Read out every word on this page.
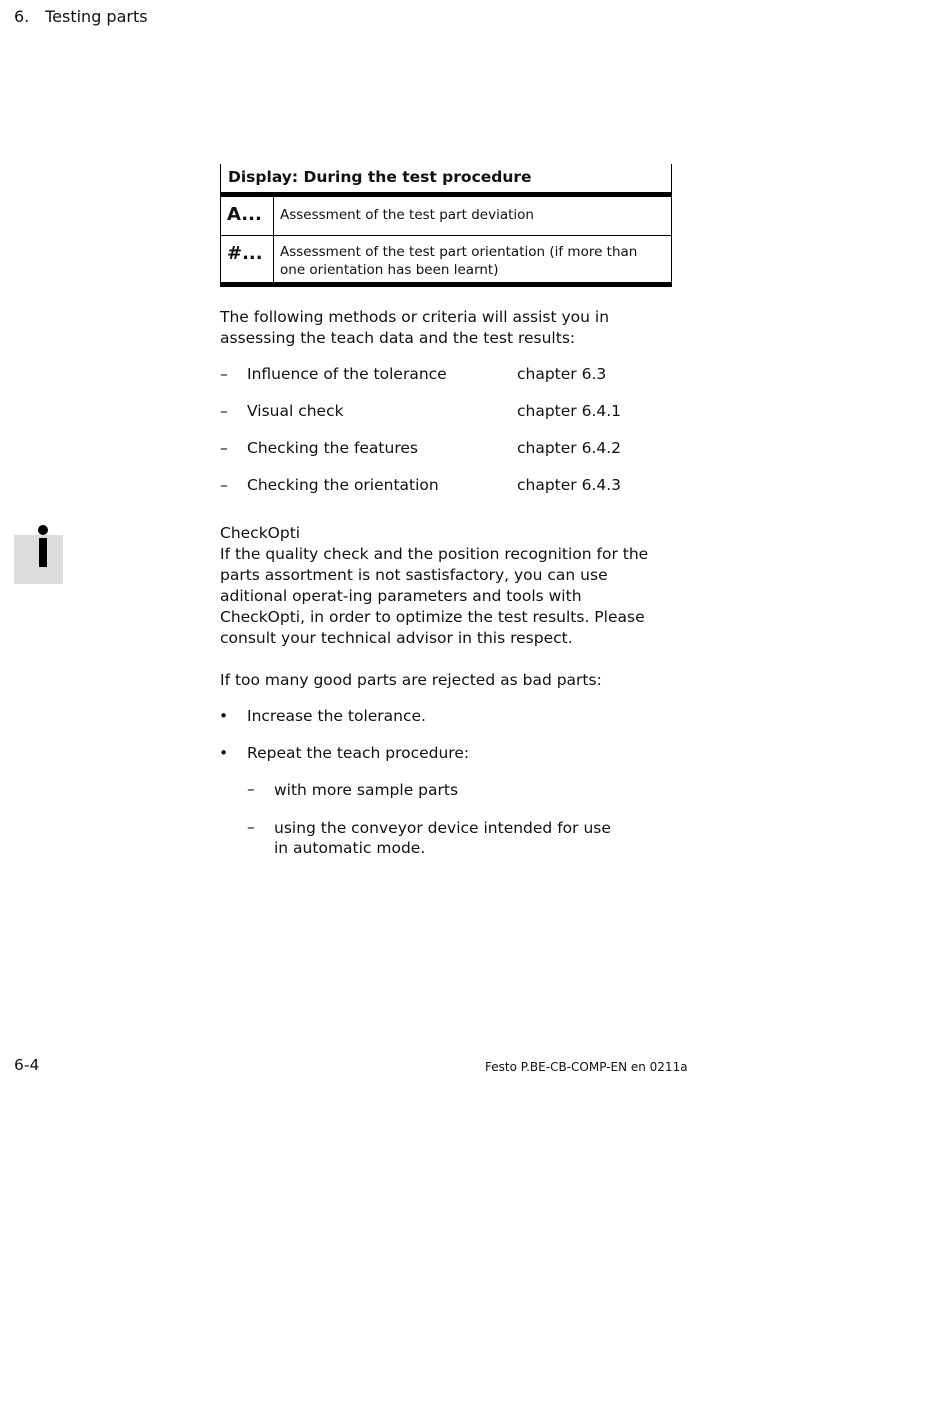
6. Testing parts
Display: During the test procedure
A...	Assessment of the test part deviation
#...	Assessment of the test part orientation (if more than one orientation has been learnt)
The following methods or criteria will assist you in assessing the teach data and the test results:
– Influence of the tolerance	chapter 6.3
– Visual check	chapter 6.4.1
– Checking the features	chapter 6.4.2
– Checking the orientation	chapter 6.4.3
CheckOpti
If the quality check and the position recognition for the parts assortment is not sastisfactory, you can use aditional operat-ing parameters and tools with CheckOpti, in order to optimize the test results. Please consult your technical advisor in this respect.
If too many good parts are rejected as bad parts:
• Increase the tolerance.
• Repeat the teach procedure:
– with more sample parts
– using the conveyor device intended for use
in automatic mode.
6-4	Festo P.BE-CB-COMP-EN en 0211a
